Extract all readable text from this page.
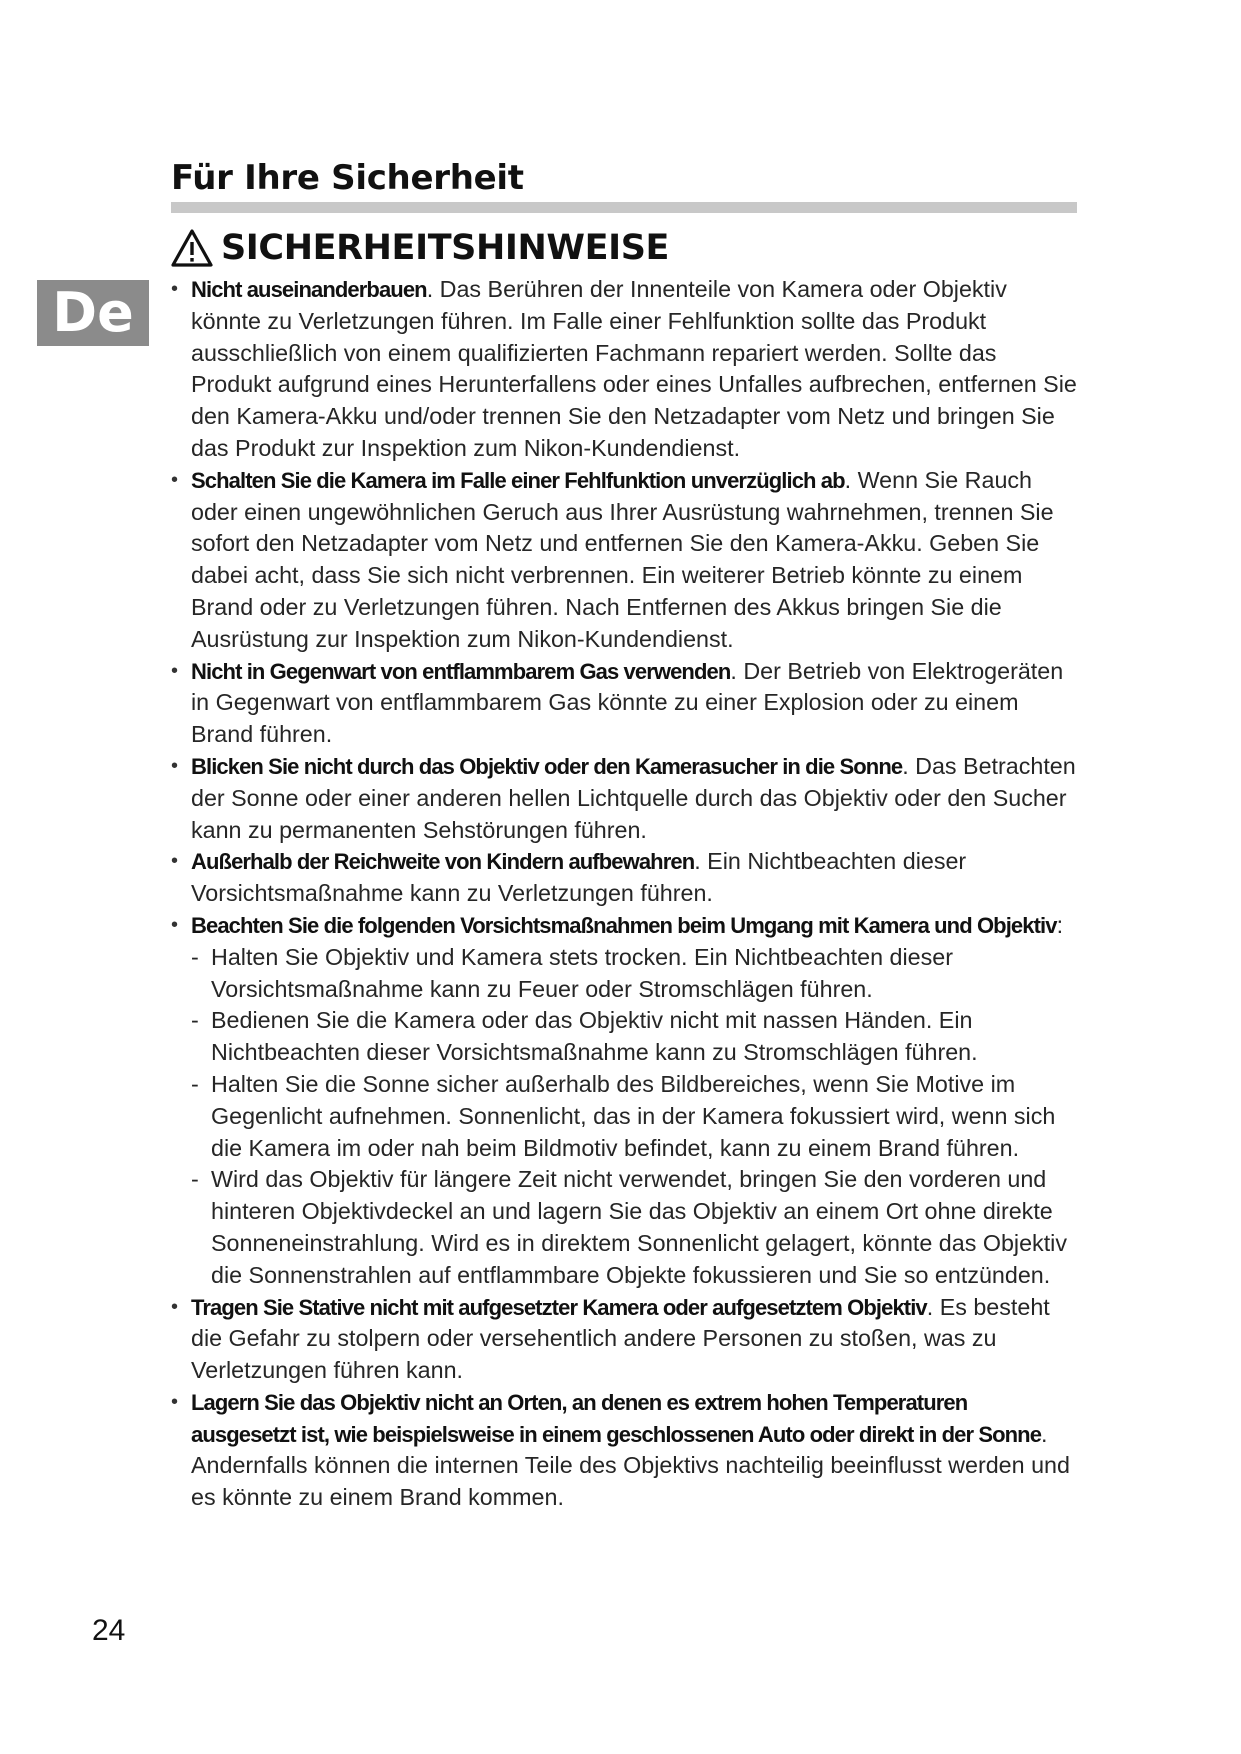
De
Für Ihre Sicherheit
SICHERHEITSHINWEISE
• Nicht auseinanderbauen. Das Berühren der Innenteile von Kamera oder Objektiv könnte zu Verletzungen führen. Im Falle einer Fehlfunktion sollte das Produkt ausschließlich von einem qualifizierten Fachmann repariert werden. Sollte das Produkt aufgrund eines Herunterfallens oder eines Unfalles aufbrechen, entfernen Sie den Kamera-Akku und/oder trennen Sie den Netzadapter vom Netz und bringen Sie das Produkt zur Inspektion zum Nikon-Kundendienst.
• Schalten Sie die Kamera im Falle einer Fehlfunktion unverzüglich ab. Wenn Sie Rauch oder einen ungewöhnlichen Geruch aus Ihrer Ausrüstung wahrnehmen, trennen Sie sofort den Netzadapter vom Netz und entfernen Sie den Kamera-Akku. Geben Sie dabei acht, dass Sie sich nicht verbrennen. Ein weiterer Betrieb könnte zu einem Brand oder zu Verletzungen führen. Nach Entfernen des Akkus bringen Sie die Ausrüstung zur Inspektion zum Nikon-Kundendienst.
• Nicht in Gegenwart von entflammbarem Gas verwenden. Der Betrieb von Elektrogeräten in Gegenwart von entflammbarem Gas könnte zu einer Explosion oder zu einem Brand führen.
• Blicken Sie nicht durch das Objektiv oder den Kamerasucher in die Sonne. Das Betrachten der Sonne oder einer anderen hellen Lichtquelle durch das Objektiv oder den Sucher kann zu permanenten Sehstörungen führen.
• Außerhalb der Reichweite von Kindern aufbewahren. Ein Nichtbeachten dieser Vorsichtsmaßnahme kann zu Verletzungen führen.
• Beachten Sie die folgenden Vorsichtsmaßnahmen beim Umgang mit Kamera und Objektiv:
- Halten Sie Objektiv und Kamera stets trocken. Ein Nichtbeachten dieser Vorsichtsmaßnahme kann zu Feuer oder Stromschlägen führen.
- Bedienen Sie die Kamera oder das Objektiv nicht mit nassen Händen. Ein Nichtbeachten dieser Vorsichtsmaßnahme kann zu Stromschlägen führen.
- Halten Sie die Sonne sicher außerhalb des Bildbereiches, wenn Sie Motive im Gegenlicht aufnehmen. Sonnenlicht, das in der Kamera fokussiert wird, wenn sich die Kamera im oder nah beim Bildmotiv befindet, kann zu einem Brand führen.
- Wird das Objektiv für längere Zeit nicht verwendet, bringen Sie den vorderen und hinteren Objektivdeckel an und lagern Sie das Objektiv an einem Ort ohne direkte Sonneneinstrahlung. Wird es in direktem Sonnenlicht gelagert, könnte das Objektiv die Sonnenstrahlen auf entflammbare Objekte fokussieren und Sie so entzünden.
• Tragen Sie Stative nicht mit aufgesetzter Kamera oder aufgesetztem Objektiv. Es besteht die Gefahr zu stolpern oder versehentlich andere Personen zu stoßen, was zu Verletzungen führen kann.
• Lagern Sie das Objektiv nicht an Orten, an denen es extrem hohen Temperaturen ausgesetzt ist, wie beispielsweise in einem geschlossenen Auto oder direkt in der Sonne. Andernfalls können die internen Teile des Objektivs nachteilig beeinflusst werden und es könnte zu einem Brand kommen.
24
